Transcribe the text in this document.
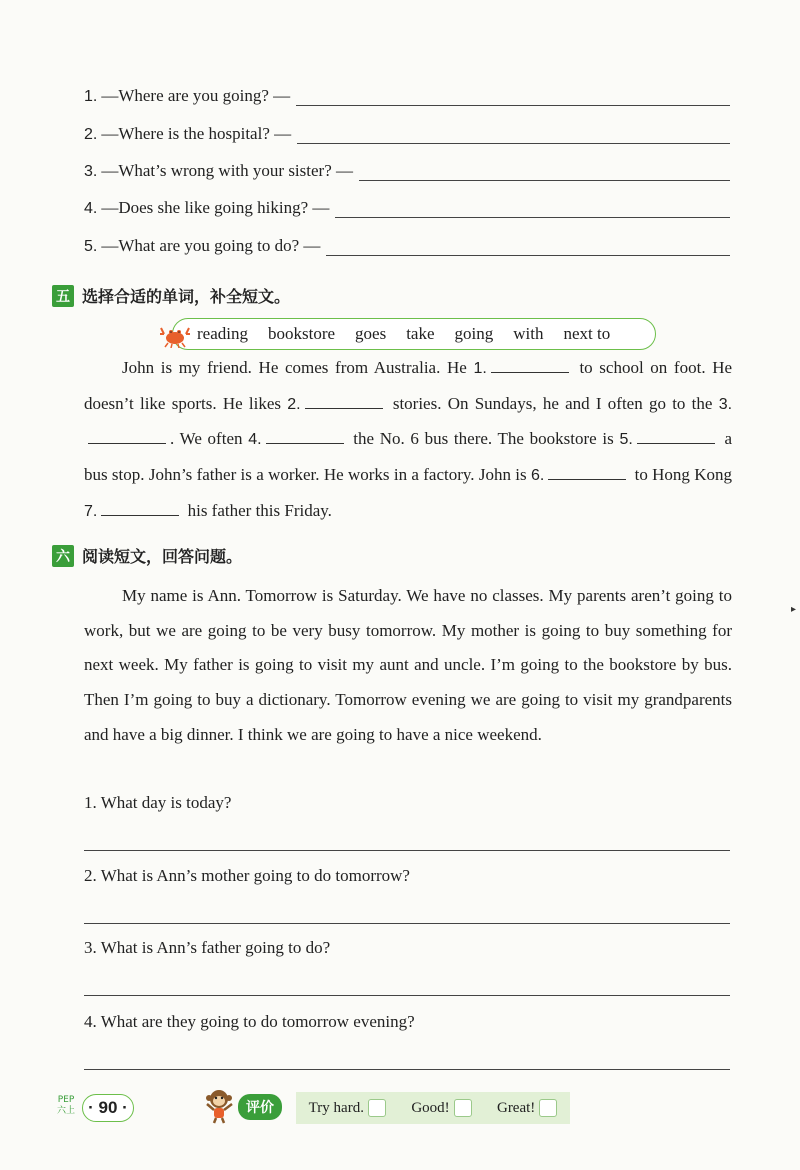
1. —Where are you going? —
2. —Where is the hospital? —
3. —What’s wrong with your sister? —
4. —Does she like going hiking? —
5. —What are you going to do? —
五 选择合适的单词，补全短文。
reading bookstore goes take going with next to
John is my friend. He comes from Australia. He 1.	to school on foot. He doesn’t like sports. He likes 2.	stories. On Sundays, he and I often go to the 3.. We often 4.	the No. 6 bus there. The bookstore is 5.	a bus stop. John’s father is a worker. He works in a factory. John is 6.	to Hong Kong 7.	his father this Friday.
六 阅读短文，回答问题。
My name is Ann. Tomorrow is Saturday. We have no classes. My parents aren’t going to work, but we are going to be very busy tomorrow. My mother is going to buy something for next week. My father is going to visit my aunt and uncle. I’m going to the bookstore by bus. Then I’m going to buy a dictionary. Tomorrow evening we are going to visit my grandparents and have a big dinner. I think we are going to have a nice weekend.
1. What day is today?
2. What is Ann’s mother going to do tomorrow?
3. What is Ann’s father going to do?
4. What are they going to do tomorrow evening?
PEP
六上 · 90 ·	评价	Try hard.	Good!	Great!
▸
